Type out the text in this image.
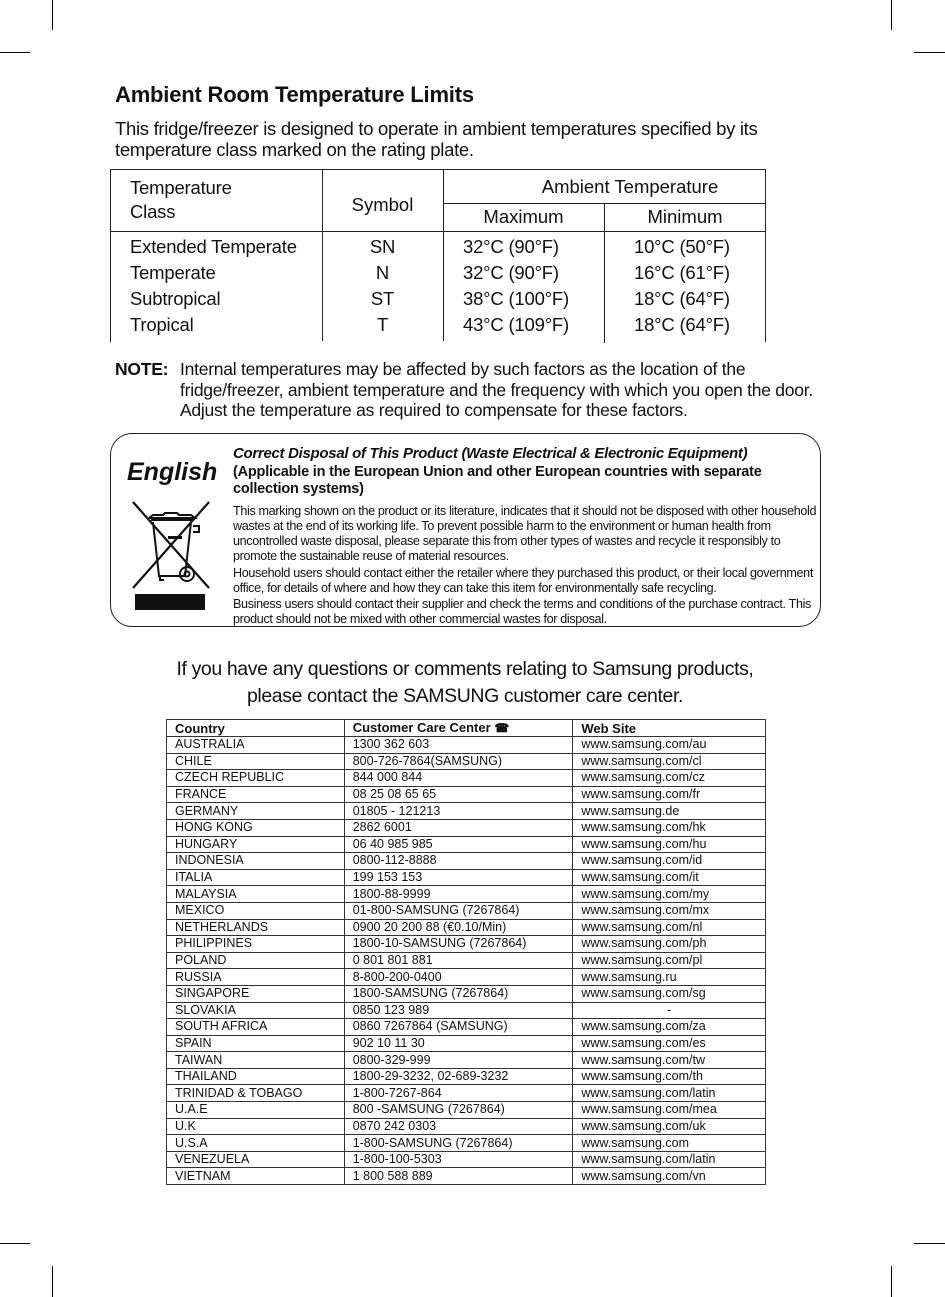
Ambient Room Temperature Limits
This fridge/freezer is designed to operate in ambient temperatures specified by its temperature class marked on the rating plate.
Temperature
Class	Symbol
Ambient Temperature
Maximum	Minimum
Extended Temperate	SN	32°C (90°F)	10°C (50°F)
Temperate	N	32°C (90°F)	16°C (61°F)
Subtropical	ST	38°C (100°F)	18°C (64°F)
Tropical	T	43°C (109°F)	18°C (64°F)
NOTE: Internal temperatures may be affected by such factors as the location of the fridge/freezer, ambient temperature and the frequency with which you open the door. Adjust the temperature as required to compensate for these factors.
English
Correct Disposal of This Product (Waste Electrical & Electronic Equipment)
(Applicable in the European Union and other European countries with separate collection systems)

This marking shown on the product or its literature, indicates that it should not be disposed with other household wastes at the end of its working life. To prevent possible harm to the environment or human health from uncontrolled waste disposal, please separate this from other types of wastes and recycle it responsibly to promote the sustainable reuse of material resources.

Household users should contact either the retailer where they purchased this product, or their local government office, for details of where and how they can take this item for environmentally safe recycling.

Business users should contact their supplier and check the terms and conditions of the purchase contract. This product should not be mixed with other commercial wastes for disposal.

If you have any questions or comments relating to Samsung products,
please contact the SAMSUNG customer care center.
Country	Customer Care Center ☎	Web Site
AUSTRALIA	1300 362 603	www.samsung.com/au
CHILE	800-726-7864(SAMSUNG)	www.samsung.com/cl
CZECH REPUBLIC	844 000 844	www.samsung.com/cz
FRANCE	08 25 08 65 65	www.samsung.com/fr
GERMANY	01805 - 121213	www.samsung.de
HONG KONG	2862 6001	www.samsung.com/hk
HUNGARY	06 40 985 985	www.samsung.com/hu
INDONESIA	0800-112-8888	www.samsung.com/id
ITALIA	199 153 153	www.samsung.com/it
MALAYSIA	1800-88-9999	www.samsung.com/my
MEXICO	01-800-SAMSUNG (7267864)	www.samsung.com/mx
NETHERLANDS	0900 20 200 88 (€0.10/Min)	www.samsung.com/nl
PHILIPPINES	1800-10-SAMSUNG (7267864)	www.samsung.com/ph
POLAND	0 801 801 881	www.samsung.com/pl
RUSSIA	8-800-200-0400	www.samsung.ru
SINGAPORE	1800-SAMSUNG (7267864)	www.samsung.com/sg
SLOVAKIA	0850 123 989	-
SOUTH AFRICA	0860 7267864 (SAMSUNG)	www.samsung.com/za
SPAIN	902 10 11 30	www.samsung.com/es
TAIWAN	0800-329-999	www.samsung.com/tw
THAILAND	1800-29-3232, 02-689-3232	www.samsung.com/th
TRINIDAD & TOBAGO	1-800-7267-864	www.samsung.com/latin
U.A.E	800 -SAMSUNG (7267864)	www.samsung.com/mea
U.K	0870 242 0303	www.samsung.com/uk
U.S.A	1-800-SAMSUNG (7267864)	www.samsung.com
VENEZUELA	1-800-100-5303	www.samsung.com/latin
VIETNAM	1 800 588 889	www.samsung.com/vn
